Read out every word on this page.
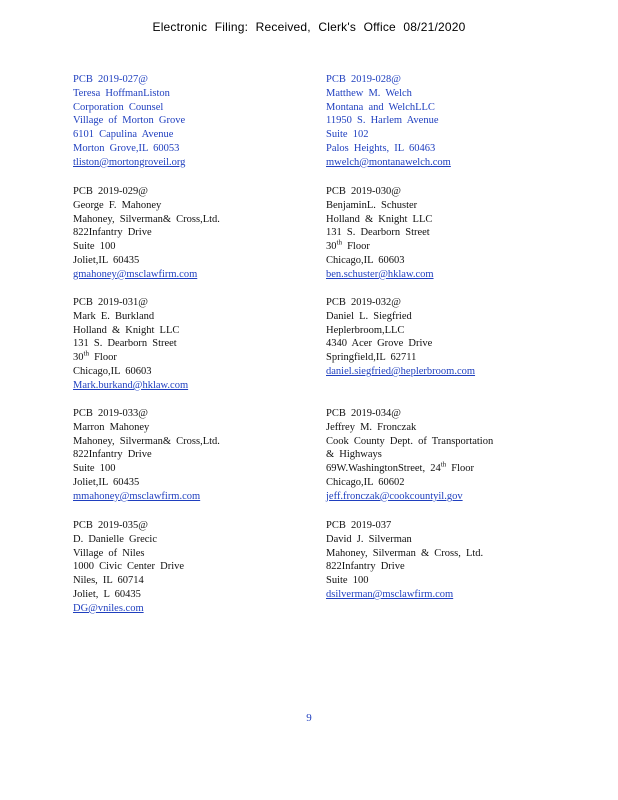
Electronic Filing: Received, Clerk's Office 08/21/2020
PCB 2019-027@
Teresa HoffmanListon
Corporation Counsel
Village of Morton Grove
6101 Capulina Avenue
Morton Grove,IL 60053
tliston@mortongroveil.org
PCB 2019-028@
Matthew M. Welch
Montana and WelchLLC
11950 S. Harlem Avenue
Suite 102
Palos Heights, IL 60463
mwelch@montanawelch.com
PCB 2019-029@
George F. Mahoney
Mahoney, Silverman& Cross,Ltd.
822Infantry Drive
Suite 100
Joliet,IL 60435
gmahoney@msclawfirm.com
PCB 2019-030@
BenjaminL. Schuster
Holland & Knight LLC
131 S. Dearborn Street
30th Floor
Chicago,IL 60603
ben.schuster@hklaw.com
PCB 2019-031@
Mark E. Burkland
Holland & Knight LLC
131 S. Dearborn Street
30th Floor
Chicago,IL 60603
Mark.burkand@hklaw.com
PCB 2019-032@
Daniel L. Siegfried
Heplerbroom,LLC
4340 Acer Grove Drive
Springfield,IL 62711
daniel.siegfried@heplerbroom.com
PCB 2019-033@
Marron Mahoney
Mahoney, Silverman& Cross,Ltd.
822Infantry Drive
Suite 100
Joliet,IL 60435
mmahoney@msclawfirm.com
PCB 2019-034@
Jeffrey M. Fronczak
Cook County Dept. of Transportation
& Highways
69W.WashingtonStreet, 24th Floor
Chicago,IL 60602
jeff.fronczak@cookcountyil.gov
PCB 2019-035@
D. Danielle Grecic
Village of Niles
1000 Civic Center Drive
Niles, IL 60714
Joliet, L 60435
DG@vniles.com
PCB 2019-037
David J. Silverman
Mahoney, Silverman & Cross, Ltd.
822Infantry Drive
Suite 100
dsilverman@msclawfirm.com
9
